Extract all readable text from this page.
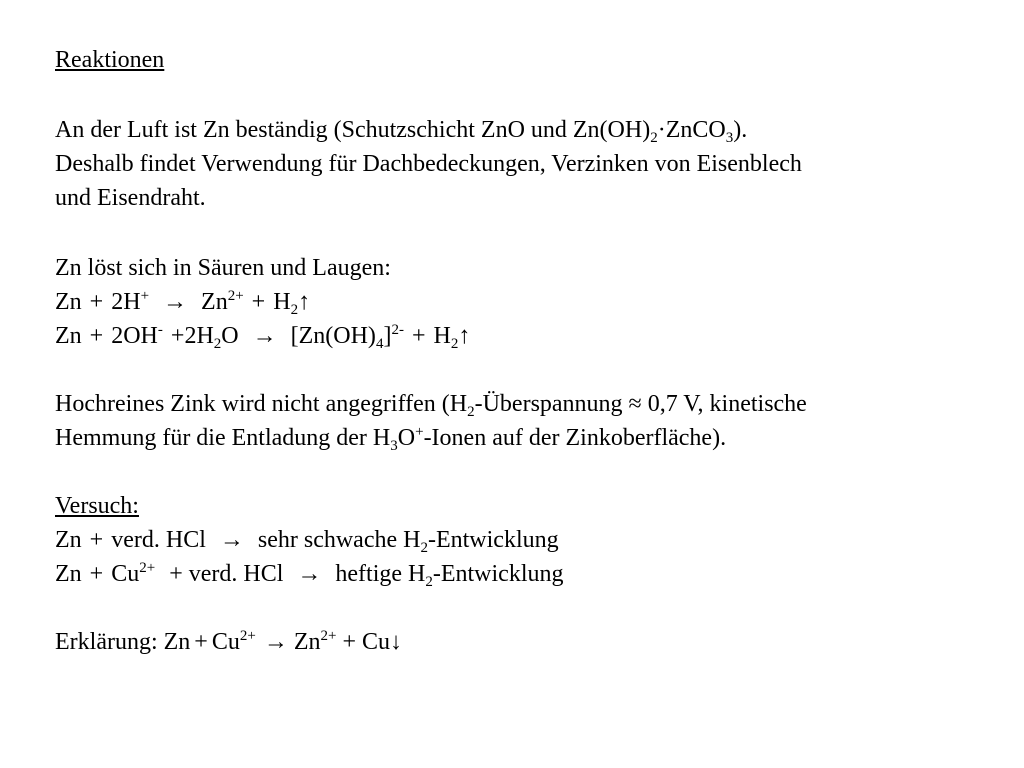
Reaktionen
An der Luft ist Zn beständig (Schutzschicht ZnO und $Zn(OH)_2\cdot ZnCO_3$).
Deshalb findet Verwendung für Dachbedeckungen, Verzinken von Eisenblech
und Eisendraht.
Zn löst sich in Säuren und Laugen:
$Zn + 2H^+ \to Zn^{2+}$ + $H_2↑$
$Zn + 2OH^- +2H_2O \to [Zn(OH)_4]^{2-}$ + $H_2↑$
Hochreines Zink wird nicht angegriffen ($H_2$-Überspannung ≈ 0,7 V, kinetische
Hemmung für die Entladung der $H_3O^+$-Ionen auf der Zinkoberfläche).
Versuch:
Zn + verd. HCl → sehr schwache $H_2$-Entwicklung
$Zn + Cu^{2+}$ + verd. HCl → heftige $H_2$-Entwicklung
Erklärung: $Zn + Cu^{2+} \to Zn^{2+}$ + Cu↓
